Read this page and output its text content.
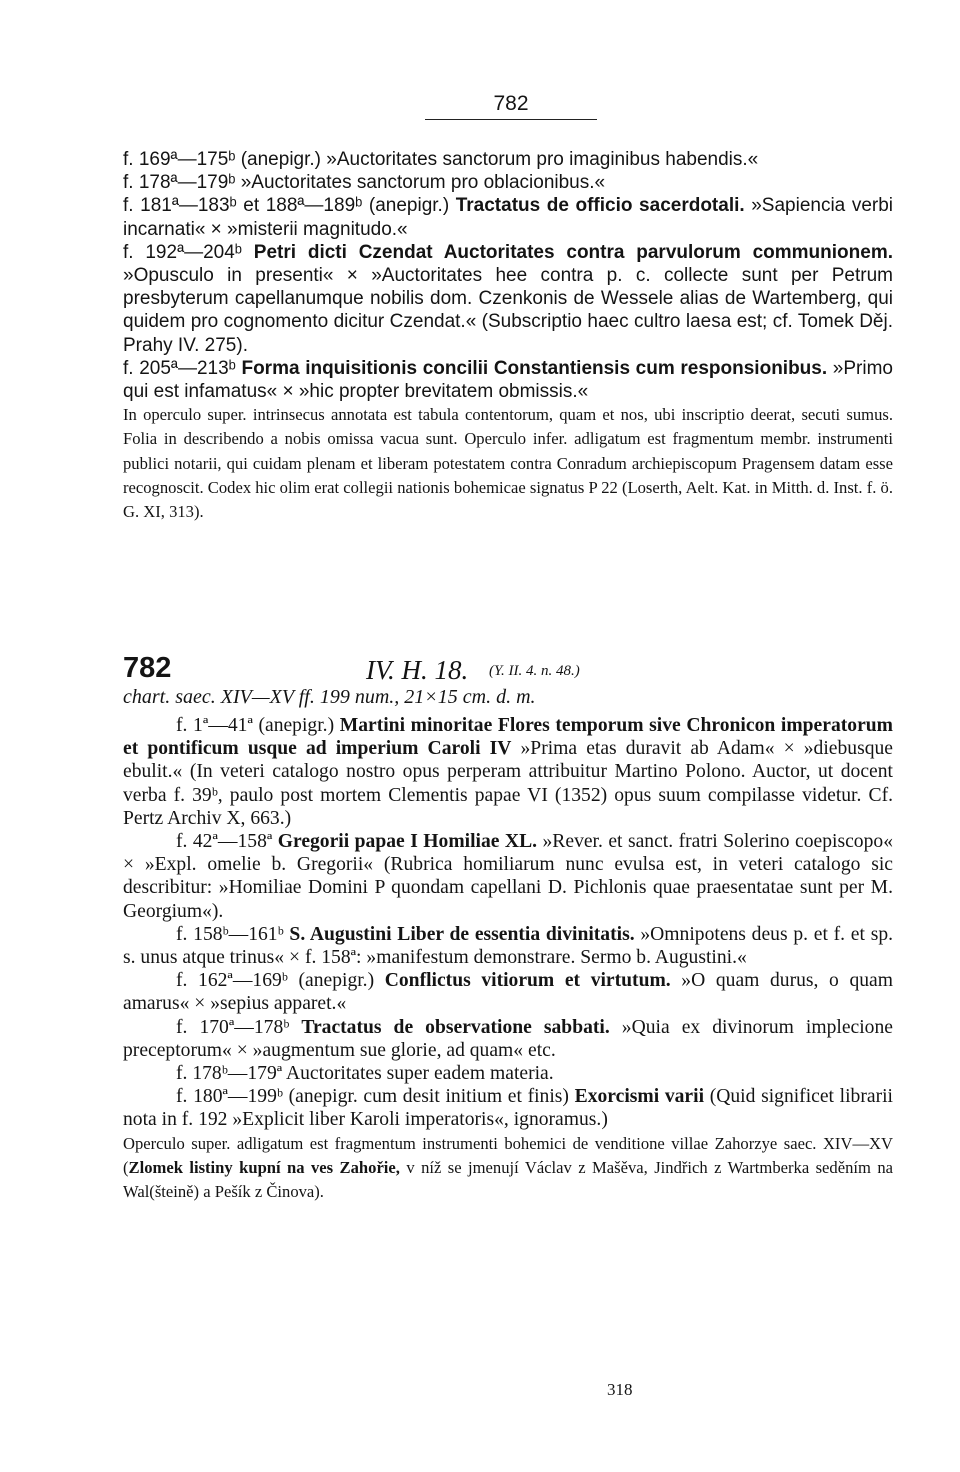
782

f. 169ª—175ᵇ (anepigr.) »Auctoritates sanctorum pro imaginibus habendis.«

f. 178ª—179ᵇ »Auctoritates sanctorum pro oblacionibus.«

f. 181ª—183ᵇ et 188ª—189ᵇ (anepigr.) Tractatus de officio sacerdotali. »Sapiencia verbi incarnati« × »misterii magnitudo.«

f. 192ª—204ᵇ Petri dicti Czendat Auctoritates contra parvulorum communionem. »Opusculo in presenti« × »Auctoritates hee contra p. c. collecte sunt per Petrum presbyterum capellanumque nobilis dom. Czenkonis de Wessele alias de Wartemberg, qui quidem pro cognomento dicitur Czendat.« (Subscriptio haec cultro laesa est; cf. Tomek Děj. Prahy IV. 275).

f. 205ª—213ᵇ Forma inquisitionis concilii Constantiensis cum responsionibus. »Primo qui est infamatus« × »hic propter brevitatem obmissis.«

In operculo super. intrinsecus annotata est tabula contentorum, quam et nos, ubi inscriptio deerat, secuti sumus. Folia in describendo a nobis omissa vacua sunt. Operculo infer. adligatum est fragmentum membr. instrumenti publici notarii, qui cuidam plenam et liberam potestatem contra Conradum archiepiscopum Pragensem datam esse recognoscit. Codex hic olim erat collegii nationis bohemicae signatus P 22 (Loserth, Aelt. Kat. in Mitth. d. Inst. f. ö. G. XI, 313).

782	IV. H. 18. (Y. II. 4. n. 48.)
chart. saec. XIV—XV ff. 199 num., 21×15 cm. d. m.

f. 1ª—41ª (anepigr.) Martini minoritae Flores temporum sive Chronicon imperatorum et pontificum usque ad imperium Caroli IV »Prima etas duravit ab Adam« × »diebusque ebulit.« (In veteri catalogo nostro opus perperam attribuitur Martino Polono. Auctor, ut docent verba f. 39ᵇ, paulo post mortem Clementis papae VI (1352) opus suum compilasse videtur. Cf. Pertz Archiv X, 663.)

f. 42ª—158ª Gregorii papae I Homiliae XL. »Rever. et sanct. fratri Solerino coepiscopo« × »Expl. omelie b. Gregorii« (Rubrica homiliarum nunc evulsa est, in veteri catalogo sic describitur: »Homiliae Domini P quondam capellani D. Pichlonis quae praesentatae sunt per M. Georgium«).

f. 158ᵇ—161ᵇ S. Augustini Liber de essentia divinitatis. »Omnipotens deus p. et f. et sp. s. unus atque trinus« × f. 158ª: »manifestum demonstrare. Sermo b. Augustini.«

f. 162ª—169ᵇ (anepigr.) Conflictus vitiorum et virtutum. »O quam durus, o quam amarus« × »sepius apparet.«

f. 170ª—178ᵇ Tractatus de observatione sabbati. »Quia ex divinorum implecione preceptorum« × »augmentum sue glorie, ad quam« etc.

f. 178ᵇ—179ª Auctoritates super eadem materia.

f. 180ª—199ᵇ (anepigr. cum desit initium et finis) Exorcismi varii (Quid significet librarii nota in f. 192 »Explicit liber Karoli imperatoris«, ignoramus.)

Operculo super. adligatum est fragmentum instrumenti bohemici de venditione villae Zahorzye saec. XIV—XV (Zlomek listiny kupní na ves Zahořie, v níž se jmenují Václav z Mašěva, Jindřich z Wartmberka seděním na Wal(šteině) a Pešík z Činova).

318
